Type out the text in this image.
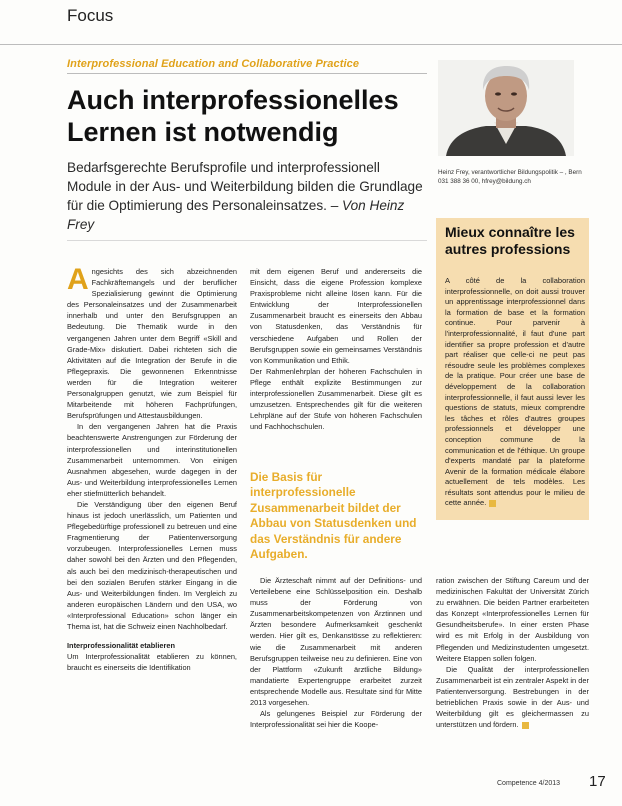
Focus
Interprofessional Education and Collaborative Practice
Auch interprofessionelles Lernen ist notwendig
Bedarfsgerechte Berufsprofile und interprofessionell Module in der Aus- und Weiterbildung bilden die Grundlage für die Optimierung des Personaleinsatzes. – Von Heinz Frey
Heinz Frey, verantwortlicher Bildungspolitik – , Bern 031 388 36 00, hfrey@bildung.ch
Mieux connaître les autres professions
A côté de la collaboration interprofessionnelle, on doit aussi trouver un apprentissage interprofessionnel dans la formation de base et la formation continue. Pour parvenir à l'interprofessionnalité, il faut d'une part identifier sa propre profession et d'autre part réaliser que celle-ci ne peut pas résoudre seule les problèmes complexes de la pratique. Pour créer une base de développement de la collaboration interprofessionnelle, il faut aussi lever les questions de statuts, mieux comprendre les tâches et rôles d'autres groupes professionnels et développer une conception commune de la communication et de l'éthique. Un groupe d'experts mandaté par la plateforme Avenir de la formation médicale élabore actuellement de tels modèles. Les résultats sont attendus pour le milieu de cette année.
A ngesichts des sich abzeichnenden Fachkräftemangels und der beruflicher Spezialisierung gewinnt die Optimierung des Personaleinsatzes und der Zusammenarbeit innerhalb und unter den Berufsgruppen an Bedeutung. Die Thematik wurde in den vergangenen Jahren unter dem Begriff «Skill and Grade-Mix» diskutiert. Dabei richteten sich die Aktivitäten auf die Integration der Berufe in die Pflegepraxis. Die gewonnenen Erkenntnisse werden für die Integration weiterer Personalgruppen genutzt, wie zum Beispiel für Mitarbeitende mit höheren Fachprüfungen, Berufsprüfungen und Attestausbildungen.

In den vergangenen Jahren hat die Praxis beachtenswerte Anstrengungen zur Förderung der interprofessionellen und interinstitutionellen Zusammenarbeit unternommen. Von einigen Ausnahmen abgesehen, wurde dagegen in der Aus- und Weiterbildung interprofessionelles Lernen eher stiefmütterlich behandelt.

Die Verständigung über den eigenen Beruf hinaus ist jedoch unerlässlich, um Patienten und Pflegebedürftige professionell zu betreuen und eine Fragmentierung der Patientenversorgung vorzubeugen. Interprofessionelles Lernen muss daher sowohl bei den Ärzten und den Pflegenden, als auch bei den medizinisch-therapeutischen und bei den sozialen Berufen stärker Eingang in die Aus- und Weiterbildungen finden. Im Vergleich zu anderen europäischen Ländern und den USA, wo «Interprofessional Education» schon länger ein Thema ist, hat die Schweiz einen Nachholbedarf.

Interprofessionalität etablieren

Um Interprofessionalität etablieren zu können, braucht es einerseits die Identifikation

mit dem eigenen Beruf und andererseits die Einsicht, dass die eigene Profession komplexe Praxisprobleme nicht alleine lösen kann. Für die Entwicklung der Interprofessionellen Zusammenarbeit braucht es einerseits den Abbau von Statusdenken, das Verständnis für verschiedene Aufgaben und Rollen der Berufsgruppen sowie ein gemeinsames Verständnis von Kommunikation und Ethik.

Der Rahmenlehrplan der höheren Fachschulen in Pflege enthält explizite Bestimmungen zur interprofessionellen Zusammenarbeit. Diese gilt es umzusetzen. Entsprechendes gilt für die weiteren Lehrpläne auf der Stufe von höheren Fachschulen und Fachhochschulen.

Die Basis für interprofessionelle Zusammenarbeit bildet der Abbau von Statusdenken und das Verständnis für andere Aufgaben.

Die Ärzteschaft nimmt auf der Definitions- und Verteilebene eine Schlüsselposition ein. Deshalb muss der Förderung von Zusammenarbeitskompetenzen von Ärztinnen und Ärzten besondere Aufmerksamkeit geschenkt werden. Hier gilt es, Denkanstösse zu reflektieren: wie die Zusammenarbeit mit anderen Berufsgruppen teilweise neu zu definieren. Eine von der Plattform «Zukunft ärztliche Bildung» mandatierte Expertengruppe erarbeitet zurzeit entsprechende Modelle aus. Resultate sind für Mitte 2013 vorgesehen.

Als gelungenes Beispiel zur Förderung der Interprofessionalität sei hier die Koope-

ration zwischen der Stiftung Careum und der medizinischen Fakultät der Universität Zürich zu erwähnen. Die beiden Partner erarbeiteten das Konzept «Interprofessionelles Lernen für Gesundheitsberufe». In einer ersten Phase wird es mit Erfolg in der Ausbildung von Pflegenden und Medizinstudenten umgesetzt. Weitere Etappen sollen folgen.

Die Qualität der interprofessionellen Zusammenarbeit ist ein zentraler Aspekt in der Patientenversorgung. Bestrebungen in der betrieblichen Praxis sowie in der Aus- und Weiterbildung gilt es gleichermassen zu unterstützen und fördern.

Competence 4/2013 17
